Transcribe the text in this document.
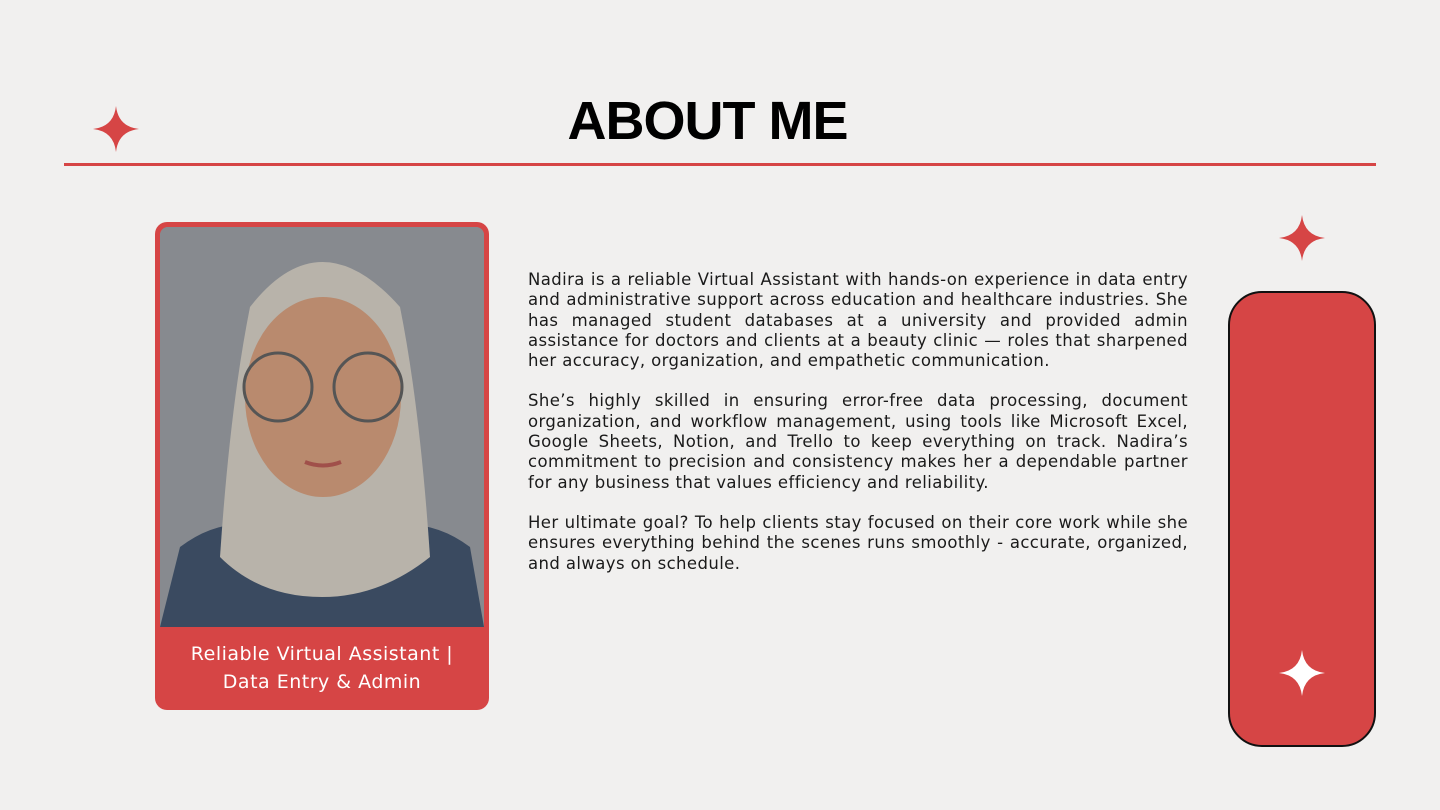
ABOUT ME
Reliable Virtual Assistant |
Data Entry & Admin

Nadira is a reliable Virtual Assistant with hands-on experience in data entry and administrative support across education and healthcare industries. She has managed student databases at a university and provided admin assistance for doctors and clients at a beauty clinic — roles that sharpened her accuracy, organization, and empathetic communication.

She’s highly skilled in ensuring error-free data processing, document organization, and workflow management, using tools like Microsoft Excel, Google Sheets, Notion, and Trello to keep everything on track. Nadira’s commitment to precision and consistency makes her a dependable partner for any business that values efficiency and reliability.

Her ultimate goal? To help clients stay focused on their core work while she ensures everything behind the scenes runs smoothly - accurate, organized, and always on schedule.
